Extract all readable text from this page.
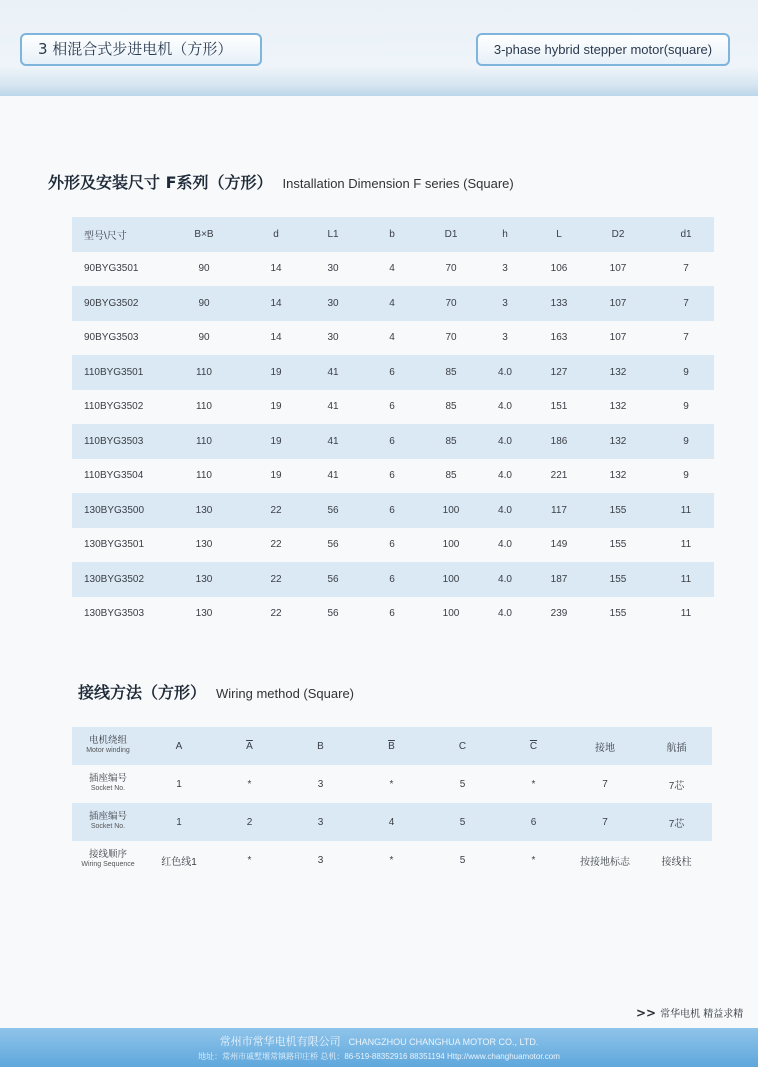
3 相混合式步进电机（方形）	3-phase hybrid stepper motor(square)
外形及安装尺寸 F系列（方形） Installation Dimension F series (Square)
型号\尺寸	B×B	d	L1	b	D1	h	L	D2	d1
90BYG3501	90	14	30	4	70	3	106	107	7
90BYG3502	90	14	30	4	70	3	133	107	7
90BYG3503	90	14	30	4	70	3	163	107	7
110BYG3501	110	19	41	6	85	4.0	127	132	9
110BYG3502	110	19	41	6	85	4.0	151	132	9
110BYG3503	110	19	41	6	85	4.0	186	132	9
110BYG3504	110	19	41	6	85	4.0	221	132	9
130BYG3500	130	22	56	6	100	4.0	117	155	11
130BYG3501	130	22	56	6	100	4.0	149	155	11
130BYG3502	130	22	56	6	100	4.0	187	155	11
130BYG3503	130	22	56	6	100	4.0	239	155	11
接线方法（方形） Wiring method (Square)
电机绕组
Motor winding	A	$\overline{A}$	B	$\overline{B}$	C	$\overline{C}$	接地	航插

插座编号
Socket No.	1	*	3	*	5	*	7	7芯

插座编号
Socket No.	1	2	3	4	5	6	7	7芯

接线顺序
Wiring Sequence	红色线1	*	3	*	5	*	按接地标志	接线柱
>> 常华电机 精益求精
常州市常华电机有限公司 CHANGZHOU CHANGHUA MOTOR CO., LTD.
地址：常州市戚墅堰常镇路印庄桥 总机：86-519-88352916 88351194 Http://www.changhuamotor.com
